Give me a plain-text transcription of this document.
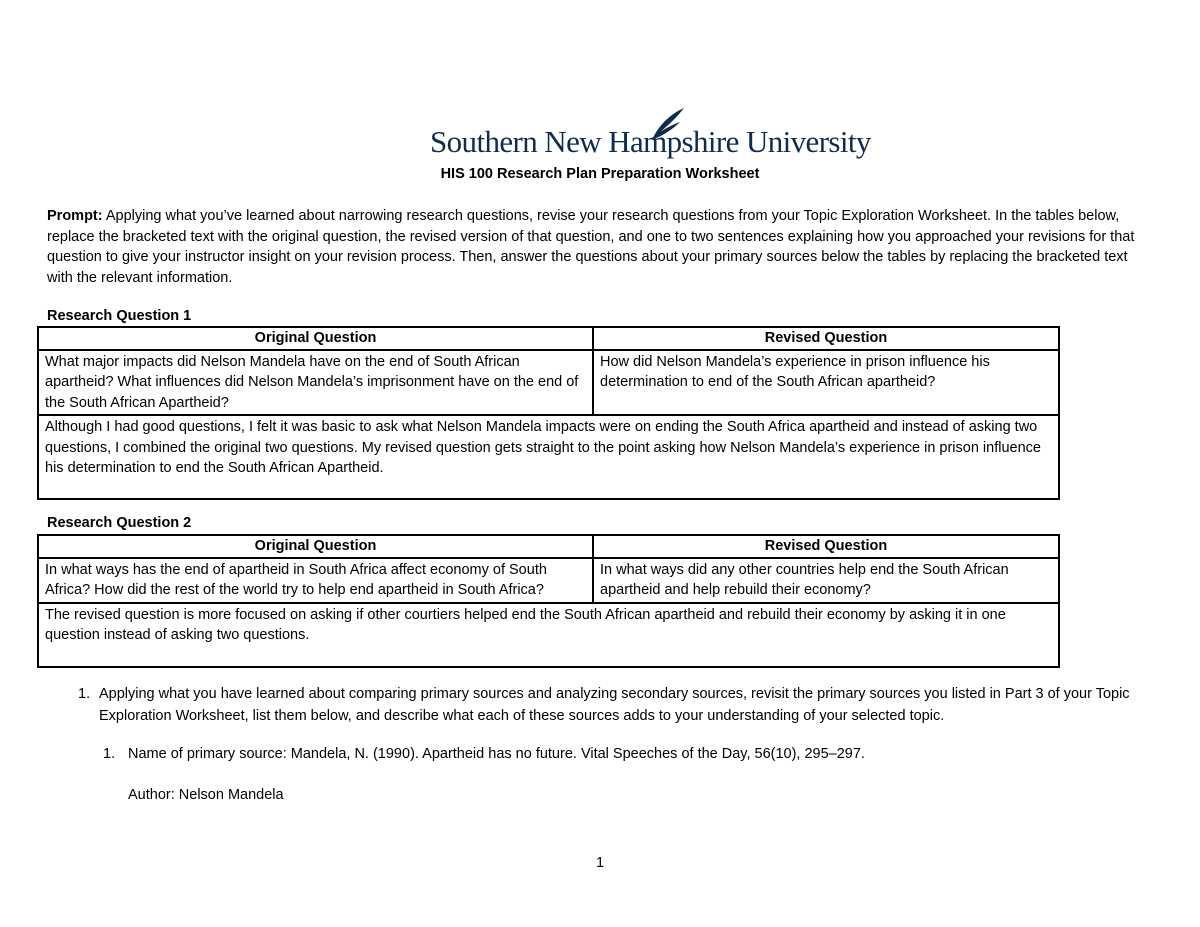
Southern New Hampshire University
HIS 100 Research Plan Preparation Worksheet
Prompt: Applying what you’ve learned about narrowing research questions, revise your research questions from your Topic Exploration Worksheet. In the tables below, replace the bracketed text with the original question, the revised version of that question, and one to two sentences explaining how you approached your revisions for that question to give your instructor insight on your revision process. Then, answer the questions about your primary sources below the tables by replacing the bracketed text with the relevant information.
Research Question 1
Original Question	Revised Question
What major impacts did Nelson Mandela have on the end of South African apartheid? What influences did Nelson Mandela’s imprisonment have on the end of the South African Apartheid?	How did Nelson Mandela’s experience in prison influence his determination to end of the South African apartheid?
Although I had good questions, I felt it was basic to ask what Nelson Mandela impacts were on ending the South Africa apartheid and instead of asking two questions, I combined the original two questions. My revised question gets straight to the point asking how Nelson Mandela’s experience in prison influence his determination to end the South African Apartheid.	
Research Question 2
Original Question	Revised Question
In what ways has the end of apartheid in South Africa affect economy of South Africa? How did the rest of the world try to help end apartheid in South Africa?	In what ways did any other countries help end the South African apartheid and help rebuild their economy?
The revised question is more focused on asking if other courtiers helped end the South African apartheid and rebuild their economy by asking it in one question instead of asking two questions.	
1. Applying what you have learned about comparing primary sources and analyzing secondary sources, revisit the primary sources you listed in Part 3 of your Topic Exploration Worksheet, list them below, and describe what each of these sources adds to your understanding of your selected topic.
1. Name of primary source: Mandela, N. (1990). Apartheid has no future. Vital Speeches of the Day, 56(10), 295–297.
Author: Nelson Mandela
1
